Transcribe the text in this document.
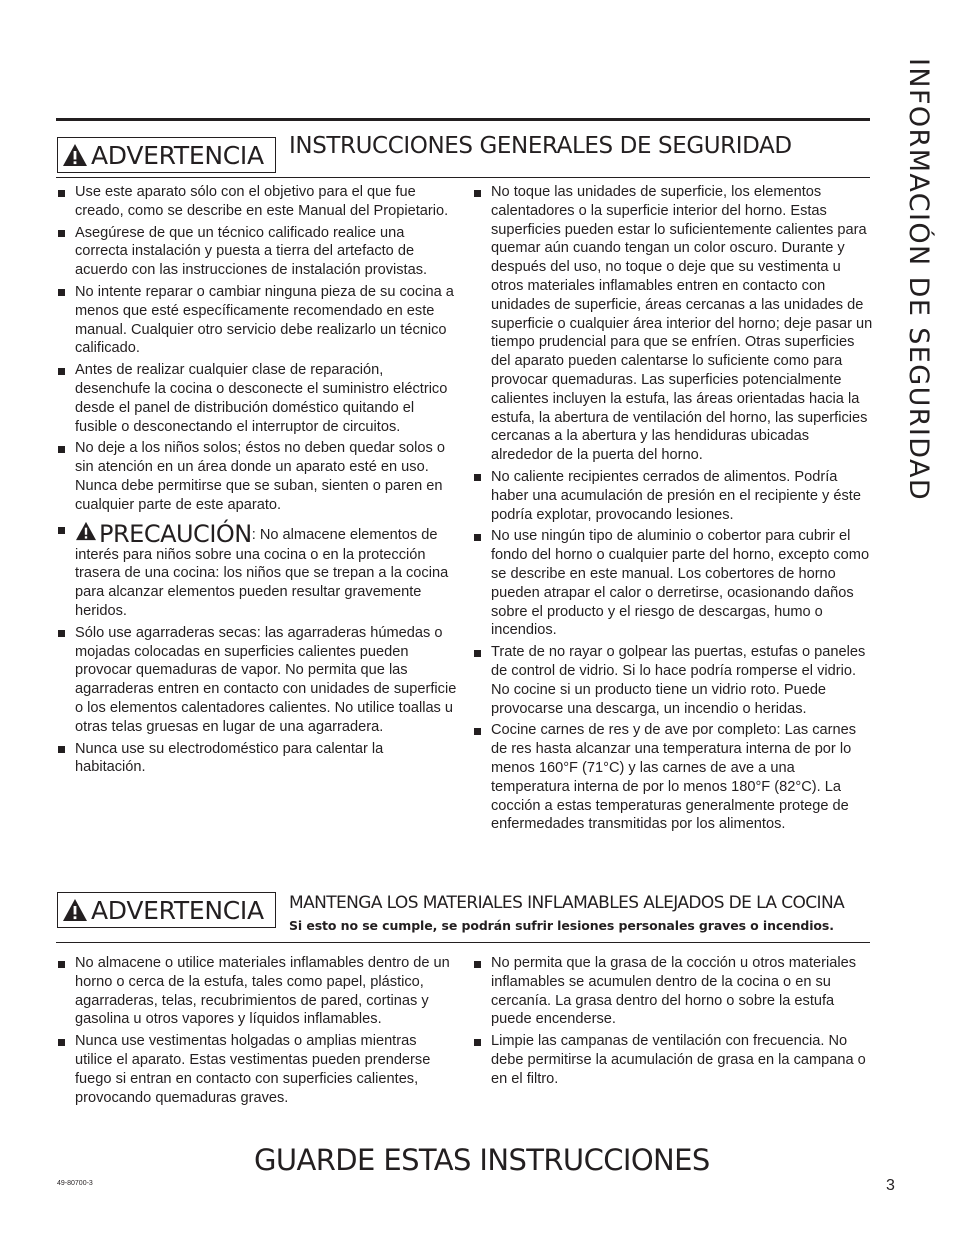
INFORMACIÓN DE SEGURIDAD
ADVERTENCIA INSTRUCCIONES GENERALES DE SEGURIDAD
Use este aparato sólo con el objetivo para el que fue creado, como se describe en este Manual del Propietario.
Asegúrese de que un técnico calificado realice una correcta instalación y puesta a tierra del artefacto de acuerdo con las instrucciones de instalación provistas.
No intente reparar o cambiar ninguna pieza de su cocina a menos que esté específicamente recomendado en este manual. Cualquier otro servicio debe realizarlo un técnico calificado.
Antes de realizar cualquier clase de reparación, desenchufe la cocina o desconecte el suministro eléctrico desde el panel de distribución doméstico quitando el fusible o desconectando el interruptor de circuitos.
No deje a los niños solos; éstos no deben quedar solos o sin atención en un área donde un aparato esté en uso. Nunca debe permitirse que se suban, sienten o paren en cualquier parte de este aparato.
PRECAUCIÓN: No almacene elementos de interés para niños sobre una cocina o en la protección trasera de una cocina: los niños que se trepan a la cocina para alcanzar elementos pueden resultar gravemente heridos.
Sólo use agarraderas secas: las agarraderas húmedas o mojadas colocadas en superficies calientes pueden provocar quemaduras de vapor. No permita que las agarraderas entren en contacto con unidades de superficie o los elementos calentadores calientes. No utilice toallas u otras telas gruesas en lugar de una agarradera.
Nunca use su electrodoméstico para calentar la habitación.
No toque las unidades de superficie, los elementos calentadores o la superficie interior del horno. Estas superficies pueden estar lo suficientemente calientes para quemar aún cuando tengan un color oscuro. Durante y después del uso, no toque o deje que su vestimenta u otros materiales inflamables entren en contacto con unidades de superficie, áreas cercanas a las unidades de superficie o cualquier área interior del horno; deje pasar un tiempo prudencial para que se enfríen. Otras superficies del aparato pueden calentarse lo suficiente como para provocar quemaduras. Las superficies potencialmente calientes incluyen la estufa, las áreas orientadas hacia la estufa, la abertura de ventilación del horno, las superficies cercanas a la abertura y las hendiduras ubicadas alrededor de la puerta del horno.
No caliente recipientes cerrados de alimentos. Podría haber una acumulación de presión en el recipiente y éste podría explotar, provocando lesiones.
No use ningún tipo de aluminio o cobertor para cubrir el fondo del horno o cualquier parte del horno, excepto como se describe en este manual. Los cobertores de horno pueden atrapar el calor o derretirse, ocasionando daños sobre el producto y el riesgo de descargas, humo o incendios.
Trate de no rayar o golpear las puertas, estufas o paneles de control de vidrio. Si lo hace podría romperse el vidrio. No cocine si un producto tiene un vidrio roto. Puede provocarse una descarga, un incendio o heridas.
Cocine carnes de res y de ave por completo: Las carnes de res hasta alcanzar una temperatura interna de por lo menos 160°F (71°C) y las carnes de ave a una temperatura interna de por lo menos 180°F (82°C). La cocción a estas temperaturas generalmente protege de enfermedades transmitidas por los alimentos.
ADVERTENCIA MANTENGA LOS MATERIALES INFLAMABLES ALEJADOS DE LA COCINA
Si esto no se cumple, se podrán sufrir lesiones personales graves o incendios.
No almacene o utilice materiales inflamables dentro de un horno o cerca de la estufa, tales como papel, plástico, agarraderas, telas, recubrimientos de pared, cortinas y gasolina u otros vapores y líquidos inflamables.
Nunca use vestimentas holgadas o amplias mientras utilice el aparato. Estas vestimentas pueden prenderse fuego si entran en contacto con superficies calientes, provocando quemaduras graves.
No permita que la grasa de la cocción u otros materiales inflamables se acumulen dentro de la cocina o en su cercanía. La grasa dentro del horno o sobre la estufa puede encenderse.
Limpie las campanas de ventilación con frecuencia. No debe permitirse la acumulación de grasa en la campana o en el filtro.
GUARDE ESTAS INSTRUCCIONES
49-80700-3	3
